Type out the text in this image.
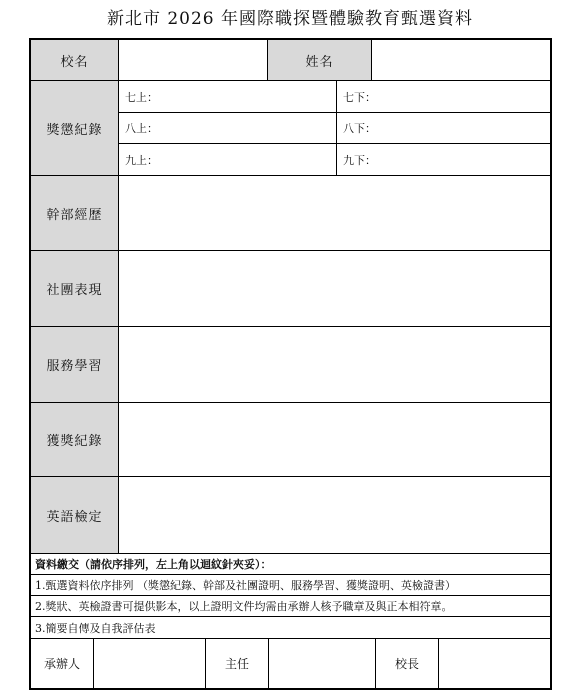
新北市 2026 年國際職探暨體驗教育甄選資料
校名	姓名
獎懲紀錄
七上：	七下：
八上：	八下：
九上：	九下：
幹部經歷
社團表現
服務學習
獲獎紀錄
英語檢定
資料繳交（請依序排列，左上角以迴紋針夾妥）：
1.甄選資料依序排列 （獎懲紀錄、幹部及社團證明、服務學習、獲獎證明、英檢證書）
2.獎狀、英檢證書可提供影本，以上證明文件均需由承辦人核予職章及與正本相符章。
3.簡要自傳及自我評估表
承辦人	主任	校長
